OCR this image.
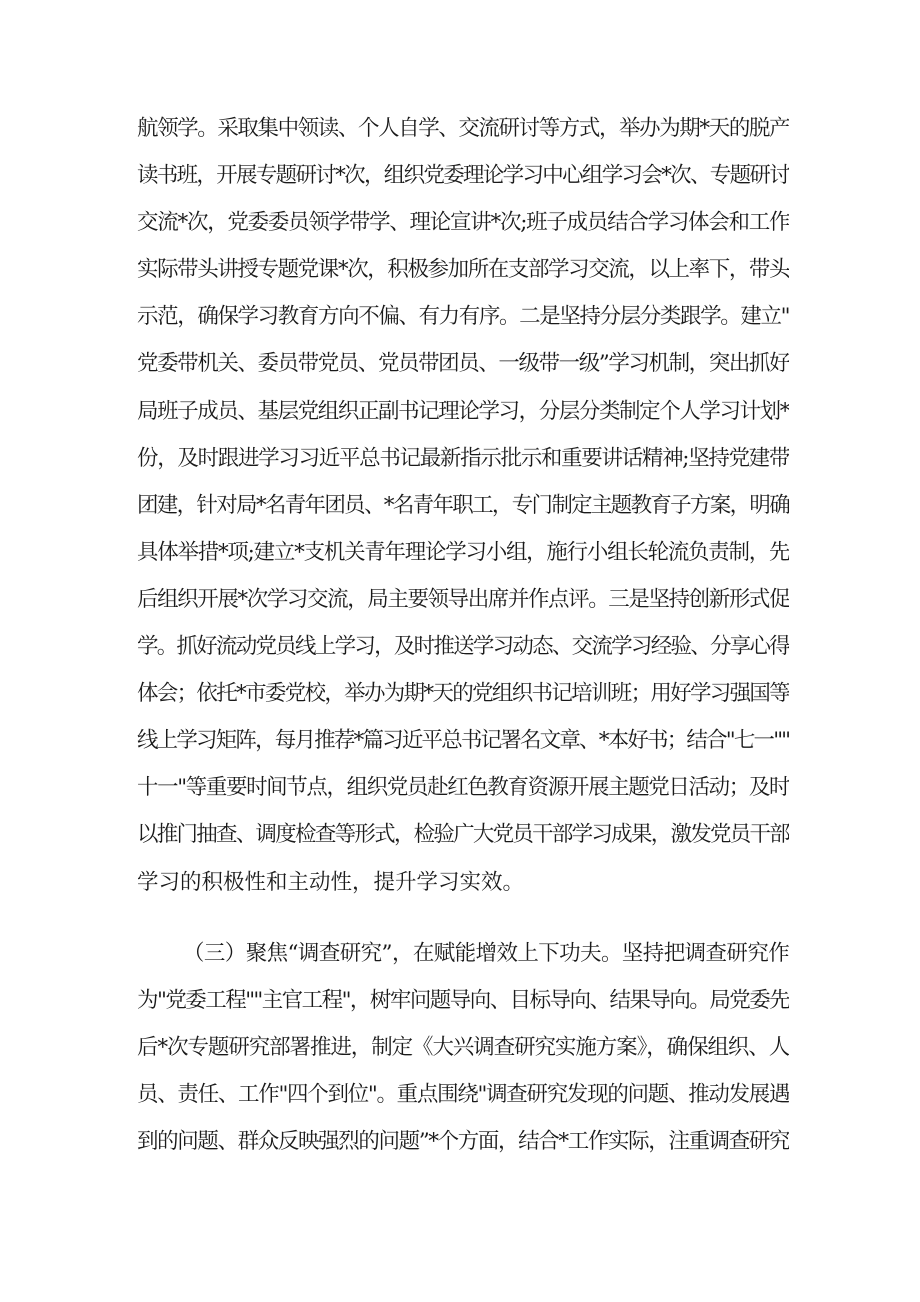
航领学。采取集中领读、个人自学、交流研讨等方式，举办为期*天的脱产
读书班，开展专题研讨*次，组织党委理论学习中心组学习会*次、专题研讨
交流*次，党委委员领学带学、理论宣讲*次;班子成员结合学习体会和工作
实际带头讲授专题党课*次，积极参加所在支部学习交流，以上率下，带头
示范，确保学习教育方向不偏、有力有序。二是坚持分层分类跟学。建立"
党委带机关、委员带党员、党员带团员、一级带一级”学习机制，突出抓好
局班子成员、基层党组织正副书记理论学习，分层分类制定个人学习计划*
份，及时跟进学习习近平总书记最新指示批示和重要讲话精神;坚持党建带
团建，针对局*名青年团员、*名青年职工，专门制定主题教育子方案，明确
具体举措*项;建立*支机关青年理论学习小组，施行小组长轮流负责制，先
后组织开展*次学习交流，局主要领导出席并作点评。三是坚持创新形式促
学。抓好流动党员线上学习，及时推送学习动态、交流学习经验、分享心得
体会；依托*市委党校，举办为期*天的党组织书记培训班；用好学习强国等
线上学习矩阵，每月推荐*篇习近平总书记署名文章、*本好书；结合"七一""
十一"等重要时间节点，组织党员赴红色教育资源开展主题党日活动；及时
以推门抽查、调度检查等形式，检验广大党员干部学习成果，激发党员干部
学习的积极性和主动性，提升学习实效。
（三）聚焦“调查研究”，在赋能增效上下功夫。坚持把调查研究作
为"党委工程""主官工程"，树牢问题导向、目标导向、结果导向。局党委先
后*次专题研究部署推进，制定《大兴调查研究实施方案》，确保组织、人
员、责任、工作"四个到位"。重点围绕"调查研究发现的问题、推动发展遇
到的问题、群众反映强烈的问题”*个方面，结合*工作实际，注重调查研究
